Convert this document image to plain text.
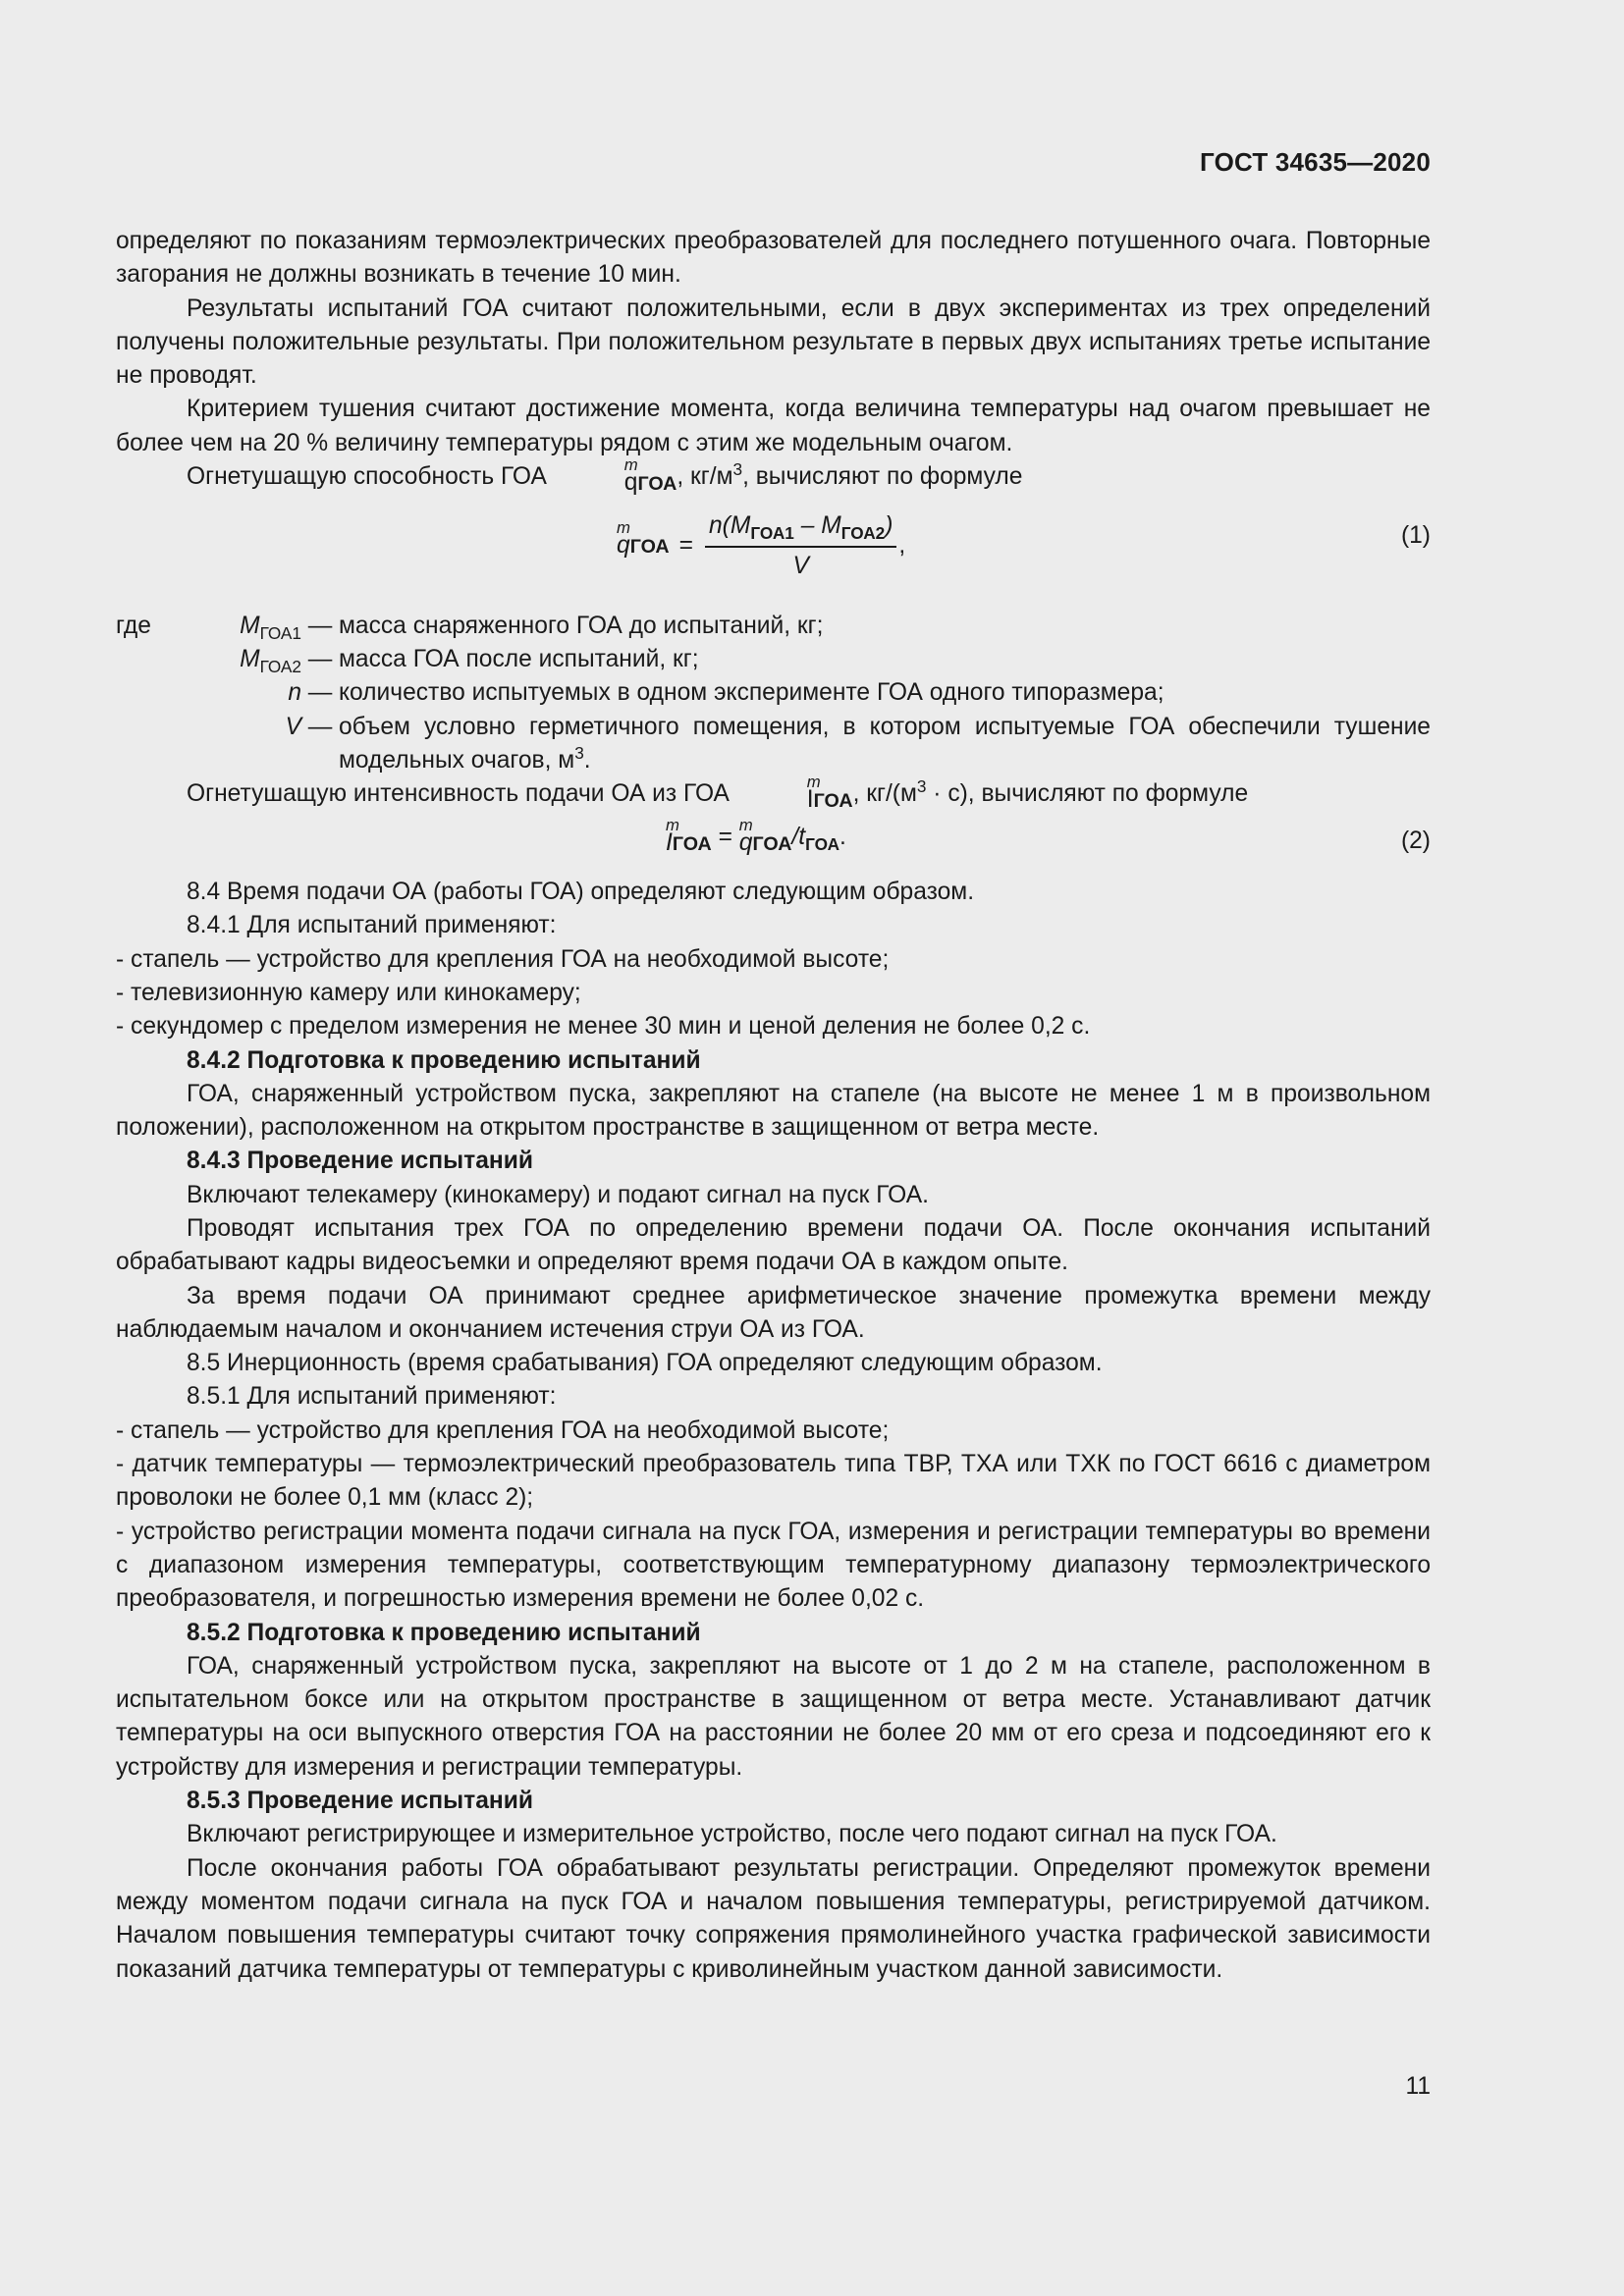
ГОСТ 34635—2020

определяют по показаниям термоэлектрических преобразователей для последнего потушенного очага. Повторные загорания не должны возникать в течение 10 мин.

Результаты испытаний ГОА считают положительными, если в двух экспериментах из трех определений получены положительные результаты. При положительном результате в первых двух испытаниях третье испытание не проводят.

Критерием тушения считают достижение момента, когда величина температуры над очагом превышает не более чем на 20 % величину температуры рядом с этим же модельным очагом.

Огнетушащую способность ГОА	q
m
ГОА, $кг/м^3$, вычисляют по формуле

q
m
ГОА = $\frac{n(M_{ГОА1} - M_{ГОА2})}{V}$ ,	(1)
где	$M_{ГОА1}$ — масса снаряженного ГОА до испытаний, кг;
$M_{ГОА2}$ — масса ГОА после испытаний, кг;
n — количество испытуемых в одном эксперименте ГОА одного типоразмера;
V — объем условно герметичного помещения, в котором испытуемые ГОА обеспечили тушение модельных очагов, $м^3$.

Огнетушащую интенсивность подачи ОА из ГОА	I
m
ГОА, $кг/(м^3 \cdot с)$, вычисляют по формуле

I
m
ГОА = q
m
ГОА/$t_{ГОА}$.	(2)

8.4 Время подачи ОА (работы ГОА) определяют следующим образом.

8.4.1 Для испытаний применяют:

- стапель — устройство для крепления ГОА на необходимой высоте;

- телевизионную камеру или кинокамеру;

- секундомер с пределом измерения не менее 30 мин и ценой деления не более 0,2 с.

8.4.2 Подготовка к проведению испытаний

ГОА, снаряженный устройством пуска, закрепляют на стапеле (на высоте не менее 1 м в произвольном положении), расположенном на открытом пространстве в защищенном от ветра месте.

8.4.3 Проведение испытаний

Включают телекамеру (кинокамеру) и подают сигнал на пуск ГОА.

Проводят испытания трех ГОА по определению времени подачи ОА. После окончания испытаний обрабатывают кадры видеосъемки и определяют время подачи ОА в каждом опыте.

За время подачи ОА принимают среднее арифметическое значение промежутка времени между наблюдаемым началом и окончанием истечения струи ОА из ГОА.

8.5 Инерционность (время срабатывания) ГОА определяют следующим образом.

8.5.1 Для испытаний применяют:

- стапель — устройство для крепления ГОА на необходимой высоте;

- датчик температуры — термоэлектрический преобразователь типа ТВР, ТХА или ТХК по ГОСТ 6616 с диаметром проволоки не более 0,1 мм (класс 2);

- устройство регистрации момента подачи сигнала на пуск ГОА, измерения и регистрации температуры во времени с диапазоном измерения температуры, соответствующим температурному диапазону термоэлектрического преобразователя, и погрешностью измерения времени не более 0,02 с.

8.5.2 Подготовка к проведению испытаний

ГОА, снаряженный устройством пуска, закрепляют на высоте от 1 до 2 м на стапеле, расположенном в испытательном боксе или на открытом пространстве в защищенном от ветра месте. Устанавливают датчик температуры на оси выпускного отверстия ГОА на расстоянии не более 20 мм от его среза и подсоединяют его к устройству для измерения и регистрации температуры.

8.5.3 Проведение испытаний

Включают регистрирующее и измерительное устройство, после чего подают сигнал на пуск ГОА.

После окончания работы ГОА обрабатывают результаты регистрации. Определяют промежуток времени между моментом подачи сигнала на пуск ГОА и началом повышения температуры, регистрируемой датчиком. Началом повышения температуры считают точку сопряжения прямолинейного участка графической зависимости показаний датчика температуры от температуры с криволинейным участком данной зависимости.

11
